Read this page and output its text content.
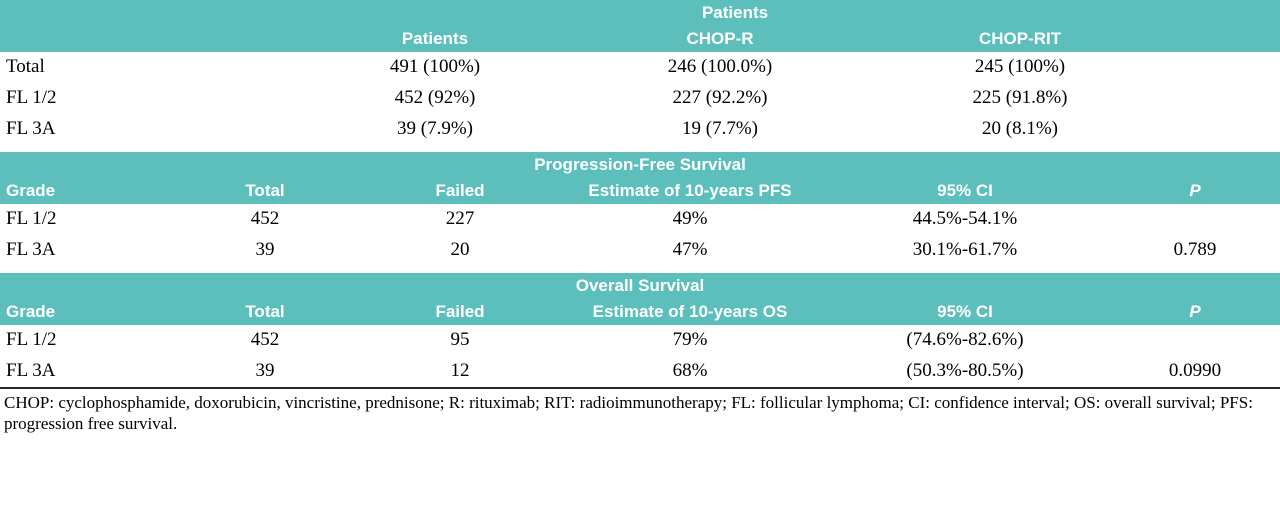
	Patients			
	Patients	CHOP-R	CHOP-RIT	
Total	491 (100%)	246 (100.0%)	245 (100%)	
FL 1/2	452 (92%)	227 (92.2%)	225 (91.8%)	
FL 3A	39 (7.9%)	19 (7.7%)	20 (8.1%)	

Progression-Free Survival					
Grade	Total	Failed	Estimate of 10-years PFS	95% CI	P
FL 1/2	452	227	49%	44.5%-54.1%	
FL 3A	39	20	47%	30.1%-61.7%	0.789

Overall Survival					
Grade	Total	Failed	Estimate of 10-years OS	95% CI	P
FL 1/2	452	95	79%	(74.6%-82.6%)	
FL 3A	39	12	68%	(50.3%-80.5%)	0.0990
CHOP: cyclophosphamide, doxorubicin, vincristine, prednisone; R: rituximab; RIT: radioimmunotherapy; FL: follicular lymphoma; CI: confidence interval; OS: overall survival; PFS: progression free survival.
